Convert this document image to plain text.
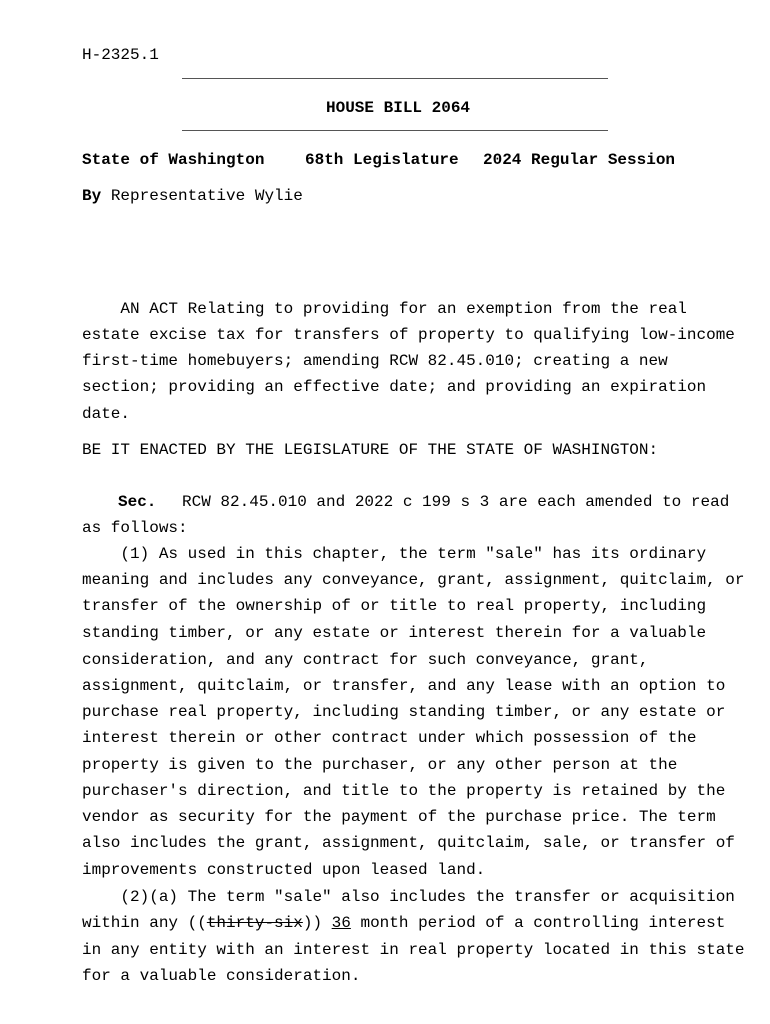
H-2325.1
HOUSE BILL 2064
State of Washington	68th Legislature 2024 Regular Session
By Representative Wylie
AN ACT Relating to providing for an exemption from the real
estate excise tax for transfers of property to qualifying low-income
first-time homebuyers; amending RCW 82.45.010; creating a new
section; providing an effective date; and providing an expiration
date.
BE IT ENACTED BY THE LEGISLATURE OF THE STATE OF WASHINGTON:
Sec. RCW 82.45.010 and 2022 c 199 s 3 are each amended to read
as follows:
(1) As used in this chapter, the term "sale" has its ordinary
meaning and includes any conveyance, grant, assignment, quitclaim, or
transfer of the ownership of or title to real property, including
standing timber, or any estate or interest therein for a valuable
consideration, and any contract for such conveyance, grant,
assignment, quitclaim, or transfer, and any lease with an option to
purchase real property, including standing timber, or any estate or
interest therein or other contract under which possession of the
property is given to the purchaser, or any other person at the
purchaser's direction, and title to the property is retained by the
vendor as security for the payment of the purchase price. The term
also includes the grant, assignment, quitclaim, sale, or transfer of
improvements constructed upon leased land.
(2)(a) The term "sale" also includes the transfer or acquisition
within any ((thirty-six)) 36 month period of a controlling interest
in any entity with an interest in real property located in this state
for a valuable consideration.
